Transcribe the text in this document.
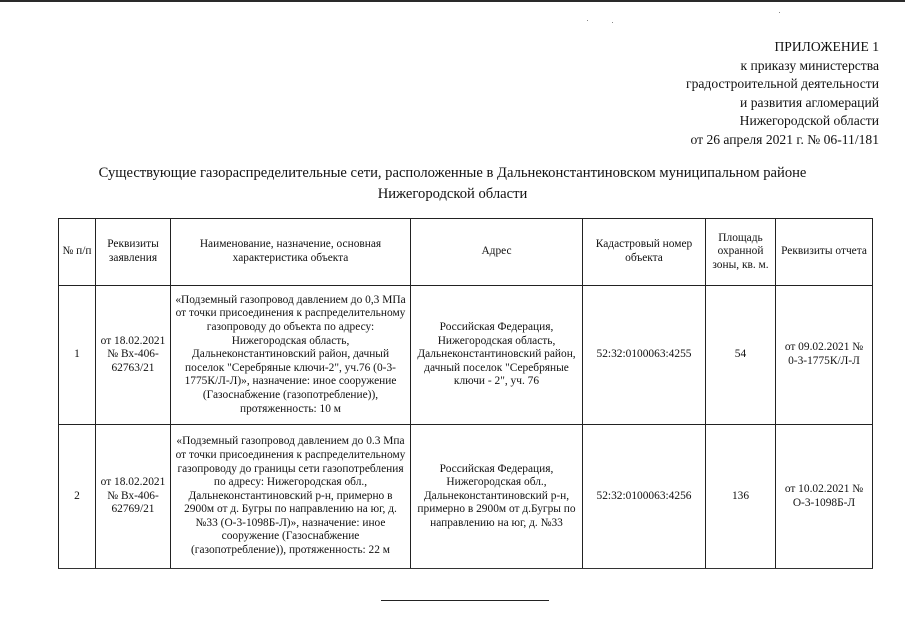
ПРИЛОЖЕНИЕ 1
к приказу министерства
градостроительной деятельности
и развития агломераций
Нижегородской области
от 26 апреля 2021 г. № 06-11/181
Существующие газораспределительные сети, расположенные в Дальнеконстантиновском муниципальном районе
Нижегородской области
№ п/п	Реквизиты заявления	Наименование, назначение, основная характеристика объекта	Адрес	Кадастровый номер объекта	Площадь охранной зоны, кв. м.	Реквизиты отчета
1	от 18.02.2021 № Вх-406-62763/21	«Подземный газопровод давлением до 0,3 МПа от точки присоединения к распределительному газопроводу до объекта по адресу: Нижегородская область, Дальнеконстантиновский район, дачный поселок "Серебряные ключи-2", уч.76 (0-3-1775К/Л-Л)», назначение: иное сооружение (Газоснабжение (газопотребление)), протяженность: 10 м	Российская Федерация, Нижегородская область, Дальнеконстантиновский район, дачный поселок "Серебряные ключи - 2", уч. 76	52:32:0100063:4255	54	от 09.02.2021 № 0-3-1775К/Л-Л
2	от 18.02.2021 № Вх-406-62769/21	«Подземный газопровод давлением до 0.3 Мпа от точки присоединения к распределительному газопроводу до границы сети газопотребления по адресу: Нижегородская обл., Дальнеконстантиновский р-н, примерно в 2900м от д. Бугры по направлению на юг, д. №33 (О-3-1098Б-Л)», назначение: иное сооружение (Газоснабжение (газопотребление)), протяженность: 22 м	Российская Федерация, Нижегородская обл., Дальнеконстантиновский р-н, примерно в 2900м от д.Бугры по направлению на юг, д. №33	52:32:0100063:4256	136	от 10.02.2021 № О-3-1098Б-Л
